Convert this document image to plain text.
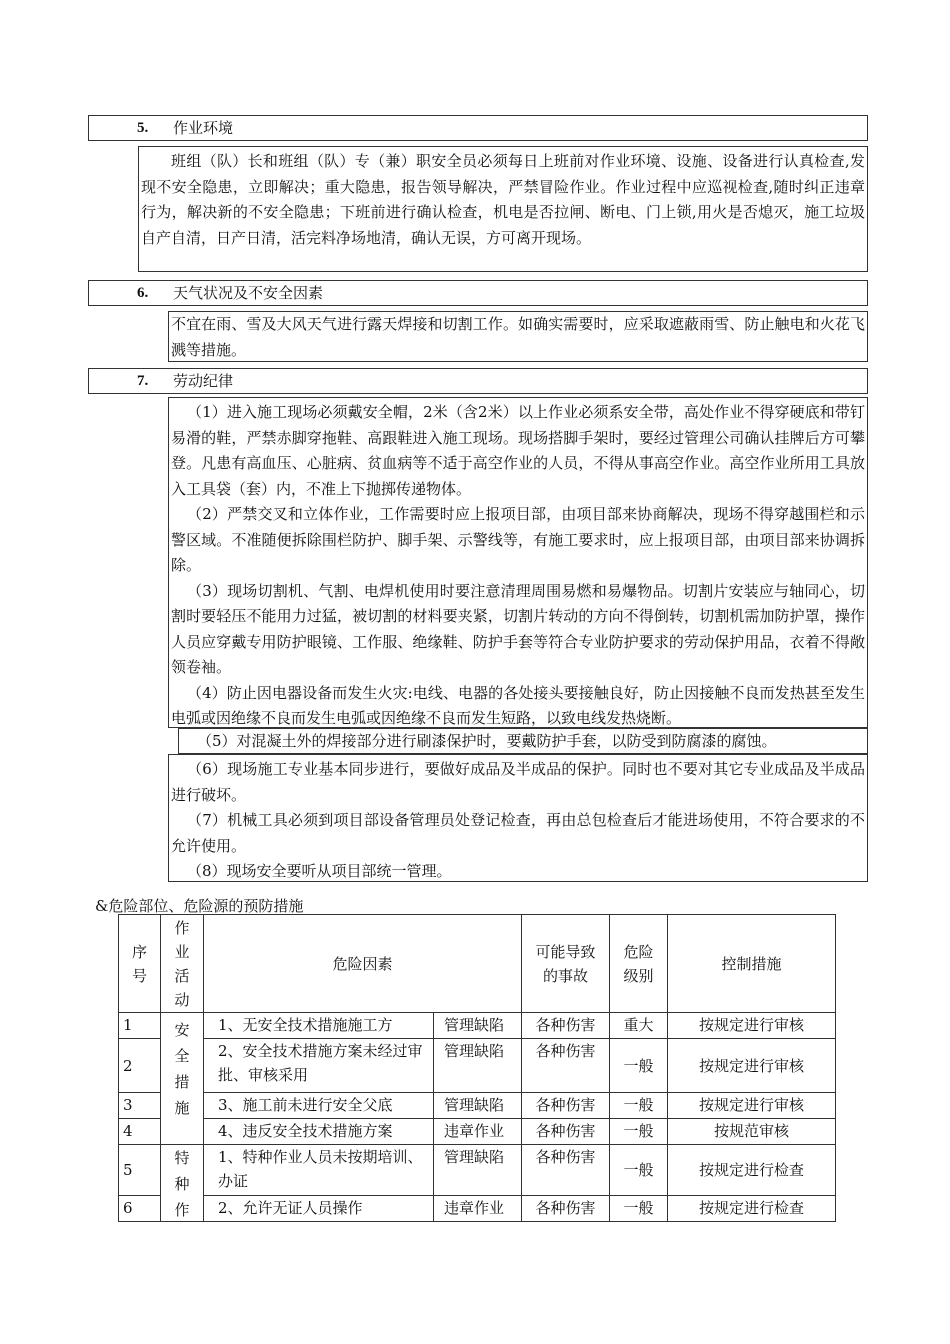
5. 作业环境

班组（队）长和班组（队）专（兼）职安全员必须每日上班前对作业环境、设施、设备进行认真检查,发现不安全隐患，立即解决；重大隐患，报告领导解决，严禁冒险作业。作业过程中应巡视检查,随时纠正违章行为，解决新的不安全隐患；下班前进行确认检查，机电是否拉闸、断电、门上锁,用火是否熄灭，施工垃圾自产自清，日产日清，活完料净场地清，确认无误，方可离开现场。

6. 天气状况及不安全因素

不宜在雨、雪及大风天气进行露天焊接和切割工作。如确实需要时，应采取遮蔽雨雪、防止触电和火花飞溅等措施。

7. 劳动纪律

（1）进入施工现场必须戴安全帽，2米（含2米）以上作业必须系安全带，高处作业不得穿硬底和带钉易滑的鞋，严禁赤脚穿拖鞋、高跟鞋进入施工现场。现场搭脚手架时，要经过管理公司确认挂牌后方可攀登。凡患有高血压、心脏病、贫血病等不适于高空作业的人员，不得从事高空作业。高空作业所用工具放入工具袋（套）内，不准上下抛掷传递物体。

（2）严禁交叉和立体作业，工作需要时应上报项目部，由项目部来协商解决，现场不得穿越围栏和示警区域。不准随便拆除围栏防护、脚手架、示警线等，有施工要求时，应上报项目部，由项目部来协调拆除。

（3）现场切割机、气割、电焊机使用时要注意清理周围易燃和易爆物品。切割片安装应与轴同心，切割时要轻压不能用力过猛，被切割的材料要夹紧，切割片转动的方向不得倒转，切割机需加防护罩，操作人员应穿戴专用防护眼镜、工作服、绝缘鞋、防护手套等符合专业防护要求的劳动保护用品，衣着不得敞领卷袖。

（4）防止因电器设备而发生火灾:电线、电器的各处接头要接触良好，防止因接触不良而发热甚至发生电弧或因绝缘不良而发生电弧或因绝缘不良而发生短路，以致电线发热烧断。

（5）对混凝土外的焊接部分进行刷漆保护时，要戴防护手套，以防受到防腐漆的腐蚀。

（6）现场施工专业基本同步进行，要做好成品及半成品的保护。同时也不要对其它专业成品及半成品进行破坏。

（7）机械工具必须到项目部设备管理员处登记检查，再由总包检查后才能进场使用，不符合要求的不允许使用。

（8）现场安全要听从项目部统一管理。

&危险部位、危险源的预防措施
序号	作业活动	危险因素		可能导致的事故	危险级别	控制措施
1	安全措施	1、无安全技术措施施工方	管理缺陷	各种伤害	重大	按规定进行审核
2		2、安全技术措施方案未经过审批、审核采用	管理缺陷	各种伤害	一般	按规定进行审核
3		3、施工前未进行安全父底	管理缺陷	各种伤害	一般	按规定进行审核
4		4、违反安全技术措施方案	违章作业	各种伤害	一般	按规范审核
5	特种作	1、特种作业人员未按期培训、办证	管理缺陷	各种伤害	一般	按规定进行检查
6		2、允许无证人员操作	违章作业	各种伤害	一般	按规定进行检查
